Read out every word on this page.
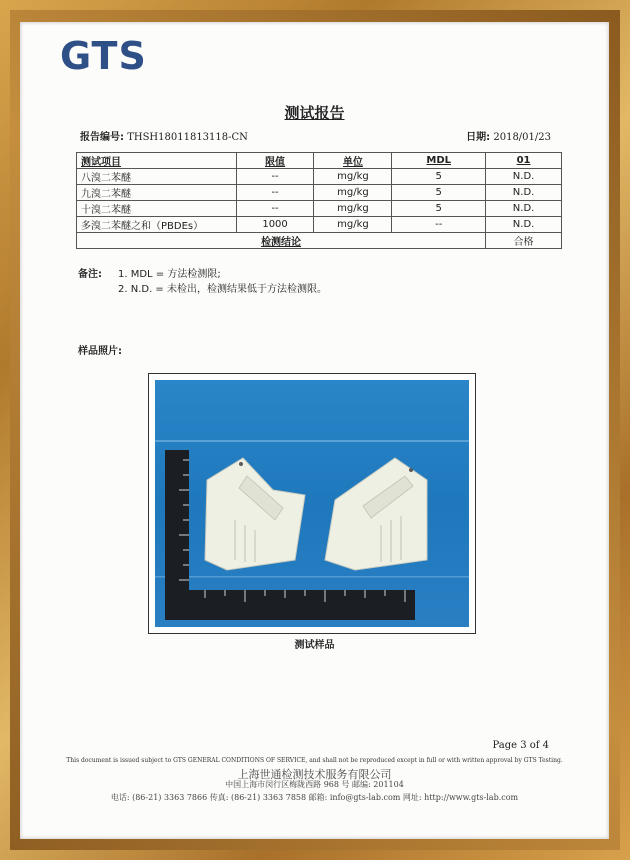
GTS
测试报告
报告编号: THSH18011813118-CN	日期: 2018/01/23
测试项目	限值	单位	MDL	01
八溴二苯醚	--	mg/kg	5	N.D.
九溴二苯醚	--	mg/kg	5	N.D.
十溴二苯醚	--	mg/kg	5	N.D.
多溴二苯醚之和（PBDEs）	1000	mg/kg	--	N.D.
检测结论				合格
备注:	1. MDL = 方法检测限;
2. N.D. = 未检出，检测结果低于方法检测限。
样品照片:
测试样品
Page 3 of 4
This document is issued subject to GTS GENERAL CONDITIONS OF SERVICE, and shall not be reproduced except in full or with written approval by GTS Testing.
上海世通检测技术服务有限公司
中国上海市闵行区梅陇西路 968 号 邮编: 201104
电话: (86-21) 3363 7866 传真: (86-21) 3363 7858 邮箱: info@gts-lab.com 网址: http://www.gts-lab.com
